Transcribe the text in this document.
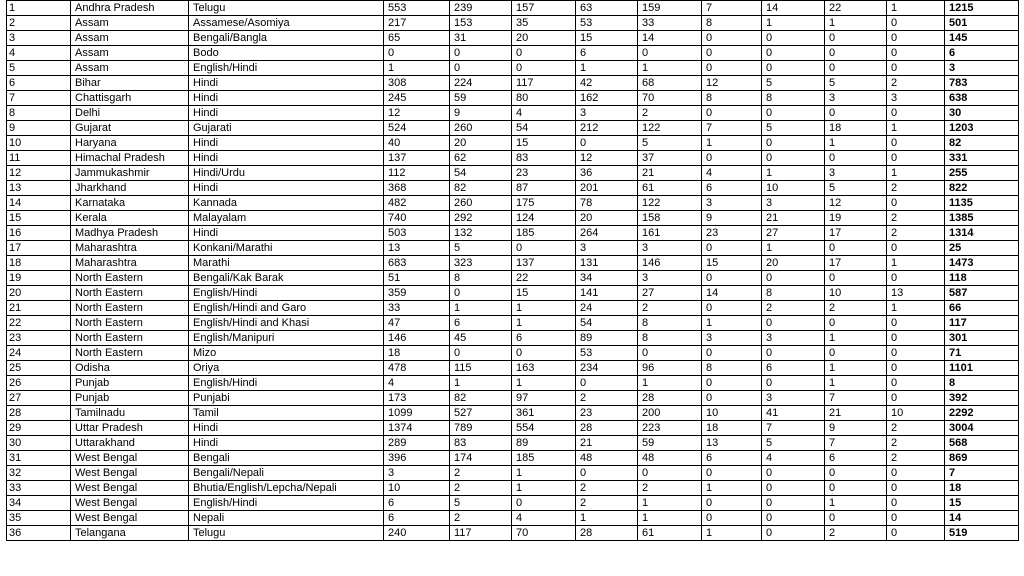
1	Andhra Pradesh	Telugu	553	239	157	63	159	7	14	22	1	1215
2	Assam	Assamese/Asomiya	217	153	35	53	33	8	1	1	0	501
3	Assam	Bengali/Bangla	65	31	20	15	14	0	0	0	0	145
4	Assam	Bodo	0	0	0	6	0	0	0	0	0	6
5	Assam	English/Hindi	1	0	0	1	1	0	0	0	0	3
6	Bihar	Hindi	308	224	117	42	68	12	5	5	2	783
7	Chattisgarh	Hindi	245	59	80	162	70	8	8	3	3	638
8	Delhi	Hindi	12	9	4	3	2	0	0	0	0	30
9	Gujarat	Gujarati	524	260	54	212	122	7	5	18	1	1203
10	Haryana	Hindi	40	20	15	0	5	1	0	1	0	82
11	Himachal Pradesh	Hindi	137	62	83	12	37	0	0	0	0	331
12	Jammukashmir	Hindi/Urdu	112	54	23	36	21	4	1	3	1	255
13	Jharkhand	Hindi	368	82	87	201	61	6	10	5	2	822
14	Karnataka	Kannada	482	260	175	78	122	3	3	12	0	1135
15	Kerala	Malayalam	740	292	124	20	158	9	21	19	2	1385
16	Madhya Pradesh	Hindi	503	132	185	264	161	23	27	17	2	1314
17	Maharashtra	Konkani/Marathi	13	5	0	3	3	0	1	0	0	25
18	Maharashtra	Marathi	683	323	137	131	146	15	20	17	1	1473
19	North Eastern	Bengali/Kak Barak	51	8	22	34	3	0	0	0	0	118
20	North Eastern	English/Hindi	359	0	15	141	27	14	8	10	13	587
21	North Eastern	English/Hindi and Garo	33	1	1	24	2	0	2	2	1	66
22	North Eastern	English/Hindi and Khasi	47	6	1	54	8	1	0	0	0	117
23	North Eastern	English/Manipuri	146	45	6	89	8	3	3	1	0	301
24	North Eastern	Mizo	18	0	0	53	0	0	0	0	0	71
25	Odisha	Oriya	478	115	163	234	96	8	6	1	0	1101
26	Punjab	English/Hindi	4	1	1	0	1	0	0	1	0	8
27	Punjab	Punjabi	173	82	97	2	28	0	3	7	0	392
28	Tamilnadu	Tamil	1099	527	361	23	200	10	41	21	10	2292
29	Uttar Pradesh	Hindi	1374	789	554	28	223	18	7	9	2	3004
30	Uttarakhand	Hindi	289	83	89	21	59	13	5	7	2	568
31	West Bengal	Bengali	396	174	185	48	48	6	4	6	2	869
32	West Bengal	Bengali/Nepali	3	2	1	0	0	0	0	0	0	7
33	West Bengal	Bhutia/English/Lepcha/Nepali	10	2	1	2	2	1	0	0	0	18
34	West Bengal	English/Hindi	6	5	0	2	1	0	0	1	0	15
35	West Bengal	Nepali	6	2	4	1	1	0	0	0	0	14
36	Telangana	Telugu	240	117	70	28	61	1	0	2	0	519
